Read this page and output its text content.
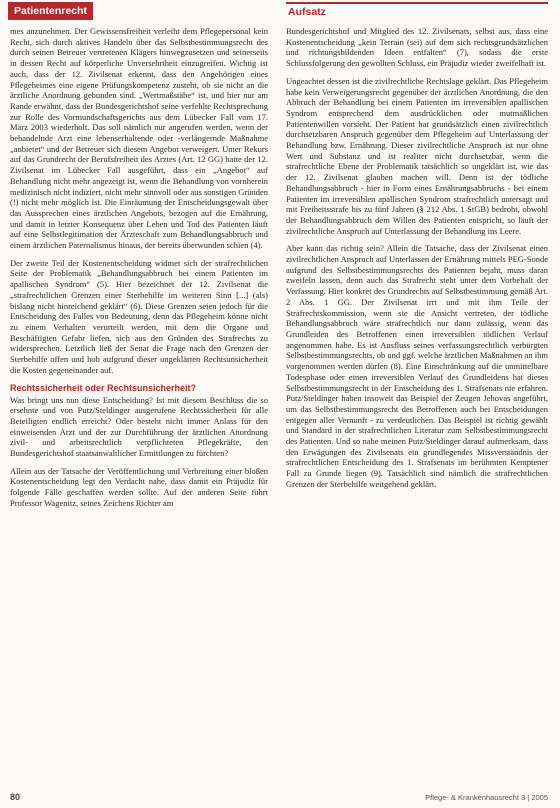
Patientenrecht	Aufsatz

mes anzunehmen. Der Gewissensfreiheit verleiht dem Pflegepersonal kein Recht, sich durch aktives Handeln über das Selbstbestimmungsrecht des durch seinen Betreuer vertretenen Klägers hinwegzusetzen und seinerseits in dessen Recht auf körperliche Unversehrtheit einzugreifen. Wichtig ist auch, dass der 12. Zivilsenat erkennt, dass den Angehörigen eines Pflegeheimes eine eigene Prüfungskompetenz zusteht, ob sie nicht an die ärztliche Anordnung gebunden sind. „Wertmaßstäbe“ ist, und hier nur am Rande erwähnt, dass der Bundesgerichtshof seine verfehlte Rechtsprechung zur Rolle des Vormundschaftsgerichts aus dem Lübecker Fall vom 17. März 2003 wiederholt. Das soll nämlich nur angerufen werden, wenn der behandelnde Arzt eine lebenserhaltende oder -verlängernde Maßnahme „anbietet“ und der Betreuer sich diesem Angebot verweigert. Unter Rekurs auf das Grundrecht der Berufsfreiheit des Arztes (Art. 12 GG) hatte der 12. Zivilsenat im Lübecker Fall ausgeführt, dass ein „Angebot“ auf Behandlung nicht mehr angezeigt ist, wenn die Behandlung von vornherein medizinisch nicht indiziert, nicht mehr sinnvoll oder aus sonstigen Gründen (!) nicht mehr möglich ist. Die Einräumung der Entscheidungsgewalt über das Aussprechen eines ärztlichen Angebots, bezogen auf die Ernährung, und damit in letzter Konsequenz über Leben und Tod des Patienten läuft auf eine Selbstlegitimation der Ärzteschaft zum Behandlungsabbruch und einem ärztlichen Paternalismus hinaus, der bereits überwunden schien (4).

Der zweite Teil der Kostenentscheidung widmet sich der strafrechtlichen Seite der Problematik „Behandlungsabbruch bei einem Patienten im apallischen Syndrom“ (5). Hier bezeichnet der 12. Zivilsenat die „strafrechtlichen Grenzen einer Sterbehilfe im weiteren Sinn [...] (als) bislang nicht hinreichend geklärt“ (6). Diese Grenzen seien jedoch für die Entscheidung des Falles von Bedeutung, denn das Pflegeheim könne nicht zu einem Verhalten verurteilt werden, mit dem die Organe und Beschäftigten Gefahr liefen, sich aus den Gründen des Strafrechts zu widersprechen. Letztlich ließ der Senat die Frage nach den Grenzen der Sterbehilfe offen und hob aufgrund dieser ungeklärten Rechtsunsicherheit die Kosten gegeneinander auf.

Rechtssicherheit oder Rechtsunsicherheit?

Was bringt uns nun diese Entscheidung? Ist mit diesem Beschluss die so ersehnte und von Putz/Steldinger ausgerufene Rechtssicherheit für alle Beteiligten endlich erreicht? Oder besteht nicht immer Anlass für den einweisenden Arzt und der zur Durchführung der ärztlichen Anordnung zivil- und arbeitsrechtlich verpflichteten Pflegekräfte, den Bundesgerichtshof staatsanwaltlicher Ermittlungen zu fürchten?

Allein aus der Tatsache der Veröffentlichung und Verbreitung einer bloßen Kostenentscheidung legt den Verdacht nahe, dass damit ein Präjudiz für folgende Fälle geschaffen werden sollte. Auf der anderen Seite führt Professor Wagenitz, seines Zeichens Richter am

Bundesgerichtshof und Mitglied des 12. Zivilsenats, selbst aus, dass eine Kostenentscheidung „kein Terrain (sei) auf dem sich rechtsgrundsätzlichen und richtungsbildenden Ideen entfalten“ (7), sodass die erste Schlussfolgerung den gewollten Schluss, ein Präjudiz wieder zweifelhaft ist.

Ungeachtet dessen ist die zivilrechtliche Rechtslage geklärt. Das Pflegeheim habe kein Verweigerungsrecht gegenüber der ärztlichen Anordnung, die den Abbruch der Behandlung bei einem Patienten im irreversiblen apallischen Syndrom entsprechend dem ausdrücklichen oder mutmaßlichen Patientenwillen vorsieht. Der Patient hat grundsätzlich einen zivilrechtlich durchsetzbaren Anspruch gegenüber dem Pflegeheim auf Unterlassung der Behandlung bzw. Ernährung. Dieser zivilrechtliche Anspruch ist nur ohne Wert und Substanz und ist realiter nicht durchsetzbar, wenn die strafrechtliche Ebene der Problematik tatsächlich so ungeklärt ist, wie das der 12. Zivilsenat glauben machen will. Denn ist der tödliche Behandlungsabbruch - hier in Form eines Ernährungsabbruchs - bei einem Patienten im irreversiblen apallischen Syndrom strafrechtlich untersagt und mit Freiheitsstrafe bis zu fünf Jahren (§ 212 Abs. 1 StGB) bedroht, obwohl der Behandlungsabbruch dem Willen des Patienten entspricht, so läuft der zivilrechtliche Anspruch auf Unterlassung der Behandlung ins Leere.

Aber kann das richtig sein? Allein die Tatsache, dass der Zivilsenat einen zivilrechtlichen Anspruch auf Unterlassen der Ernährung mittels PEG-Sonde aufgrund des Selbstbestimmungsrechts des Patienten bejaht, muss daran zweifeln lassen, denn auch das Strafrecht steht unter dem Vorbehalt der Verfassung. Hier konkret des Grundrechts auf Selbstbestimmung gemäß Art. 2 Abs. 1 GG. Der Zivilsenat irrt und mit ihm Teile der Strafrechtskommission, wenn sie die Ansicht vertreten, der tödliche Behandlungsabbruch wäre strafrechtlich nur dann zulässig, wenn das Grundleiden des Betroffenen einen irreversiblen tödlichen Verlauf angenommen habe. Es ist Ausfluss seines verfassungsrechtlich verbürgten Selbstbestimmungsrechts, ob und ggf. welche ärztlichen Maßnahmen an ihm vorgenommen werden dürfen (8). Eine Einschränkung auf die unmittelbare Todesphase oder einen irreversiblen Verlauf des Grundleidens hat dieses Selbstbestimmungsrecht in der Entscheidung des 1. Strafsenats nie erfahren. Putz/Steldinger haben insoweit das Beispiel der Zeugen Jehovas angeführt, um das Selbstbestimmungsrecht des Betroffenen auch bei Entscheidungen entgegen aller Vernunft - zu verdeutlichen. Das Beispiel ist richtig gewählt und Standard in der strafrechtlichen Literatur zum Selbstbestimmungsrecht des Patienten. Und so nahe meinen Putz/Steldinger darauf aufmerksam, dass den Erwägungen des Zivilsenats ein grundlegendes Missverständnis der strafrechtlichen Entscheidung des 1. Strafsenats im berühmten Kemptener Fall zu Grunde liegen (9). Tatsächlich sind nämlich die strafrechtlichen Grenzen der Sterbehilfe weitgehend geklärt.

80	Pflege- & Krankenhausrecht 3 | 2005
